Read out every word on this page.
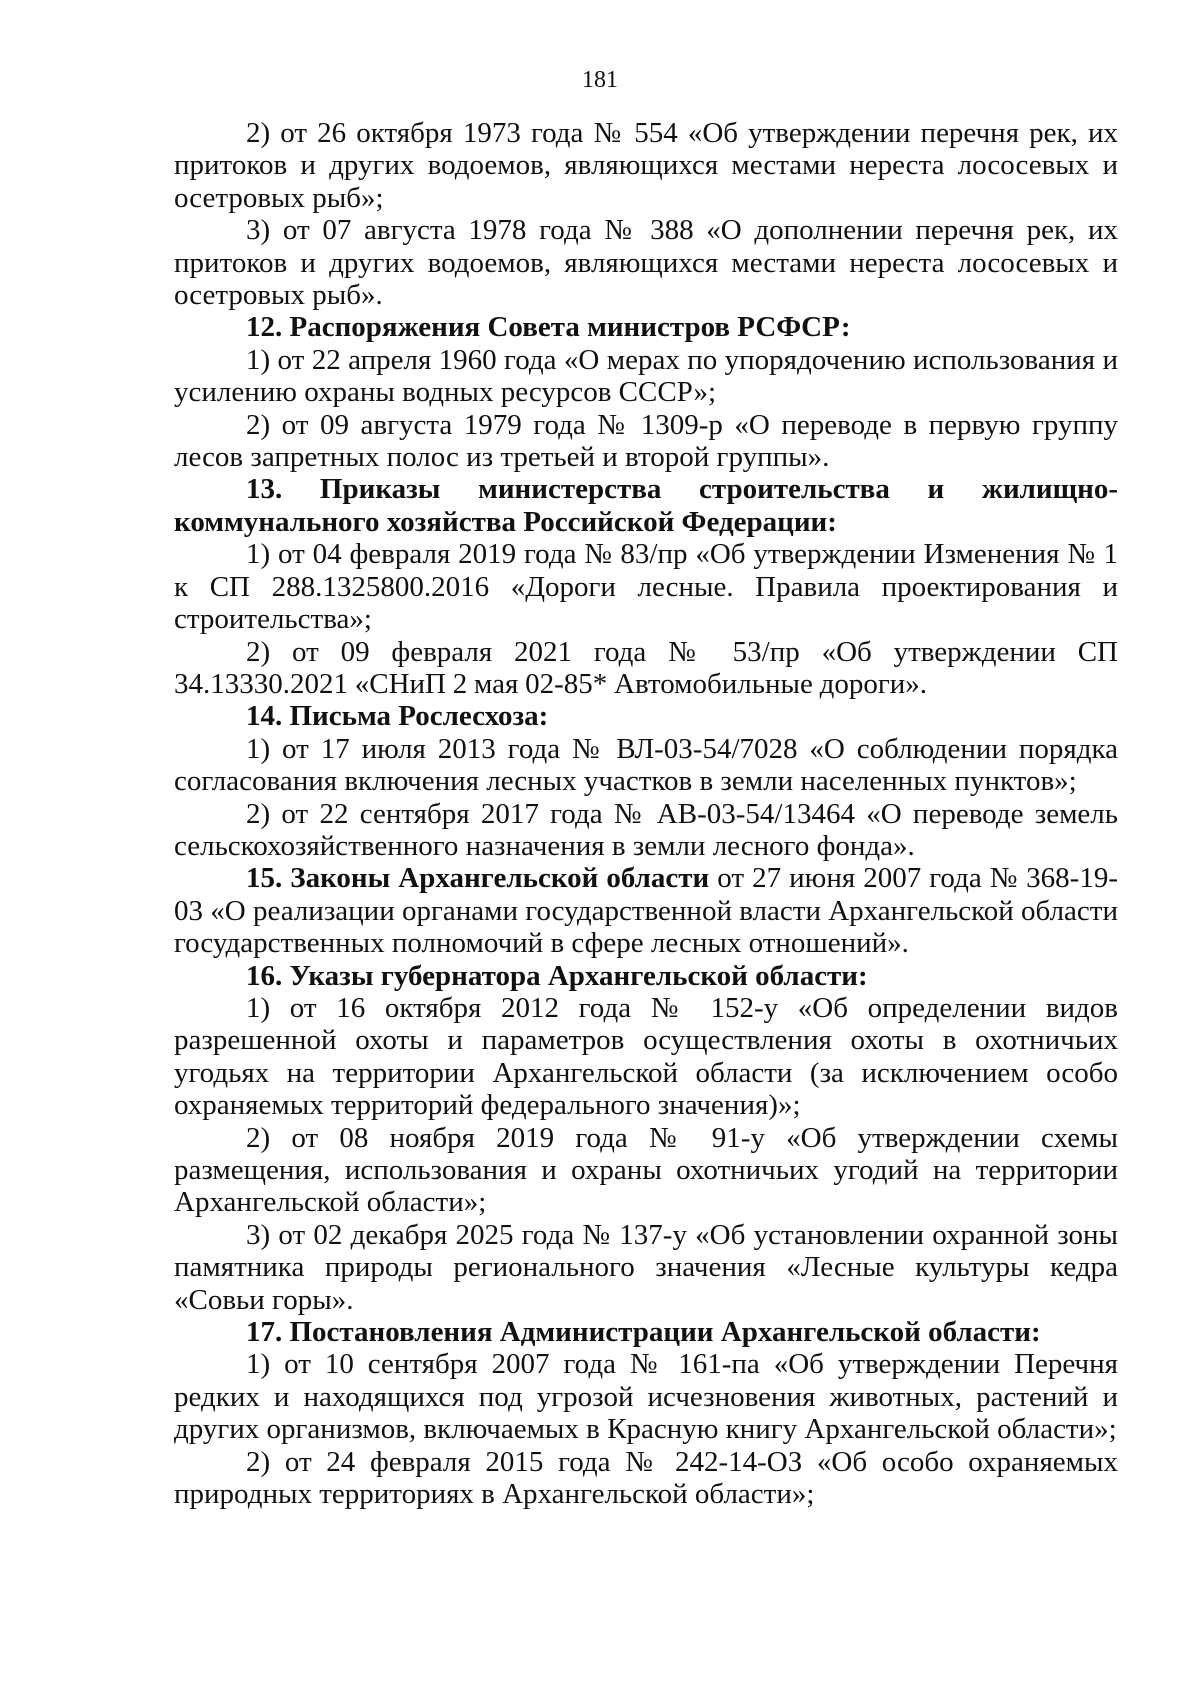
181

2) от 26 октября 1973 года № 554 «Об утверждении перечня рек, их притоков и других водоемов, являющихся местами нереста лососевых и осетровых рыб»;

3) от 07 августа 1978 года № 388 «О дополнении перечня рек, их притоков и других водоемов, являющихся местами нереста лососевых и осетровых рыб».

12. Распоряжения Совета министров РСФСР:

1) от 22 апреля 1960 года «О мерах по упорядочению использования и усилению охраны водных ресурсов СССР»;

2) от 09 августа 1979 года № 1309-р «О переводе в первую группу лесов запретных полос из третьей и второй группы».

13. Приказы министерства строительства и жилищно-коммунального хозяйства Российской Федерации:

1) от 04 февраля 2019 года № 83/пр «Об утверждении Изменения № 1 к СП 288.1325800.2016 «Дороги лесные. Правила проектирования и строительства»;

2) от 09 февраля 2021 года № 53/пр «Об утверждении СП 34.13330.2021 «СНиП 2 мая 02-85* Автомобильные дороги».

14. Письма Рослесхоза:

1) от 17 июля 2013 года № ВЛ-03-54/7028 «О соблюдении порядка согласования включения лесных участков в земли населенных пунктов»;

2) от 22 сентября 2017 года № АВ-03-54/13464 «О переводе земель сельскохозяйственного назначения в земли лесного фонда».

15. Законы Архангельской области от 27 июня 2007 года № 368-19-03 «О реализации органами государственной власти Архангельской области государственных полномочий в сфере лесных отношений».

16. Указы губернатора Архангельской области:

1) от 16 октября 2012 года № 152-у «Об определении видов разрешенной охоты и параметров осуществления охоты в охотничьих угодьях на территории Архангельской области (за исключением особо охраняемых территорий федерального значения)»;

2) от 08 ноября 2019 года № 91-у «Об утверждении схемы размещения, использования и охраны охотничьих угодий на территории Архангельской области»;

3) от 02 декабря 2025 года № 137-у «Об установлении охранной зоны памятника природы регионального значения «Лесные культуры кедра «Совьи горы».

17. Постановления Администрации Архангельской области:

1) от 10 сентября 2007 года № 161-па «Об утверждении Перечня редких и находящихся под угрозой исчезновения животных, растений и других организмов, включаемых в Красную книгу Архангельской области»;

2) от 24 февраля 2015 года № 242-14-ОЗ «Об особо охраняемых природных территориях в Архангельской области»;
